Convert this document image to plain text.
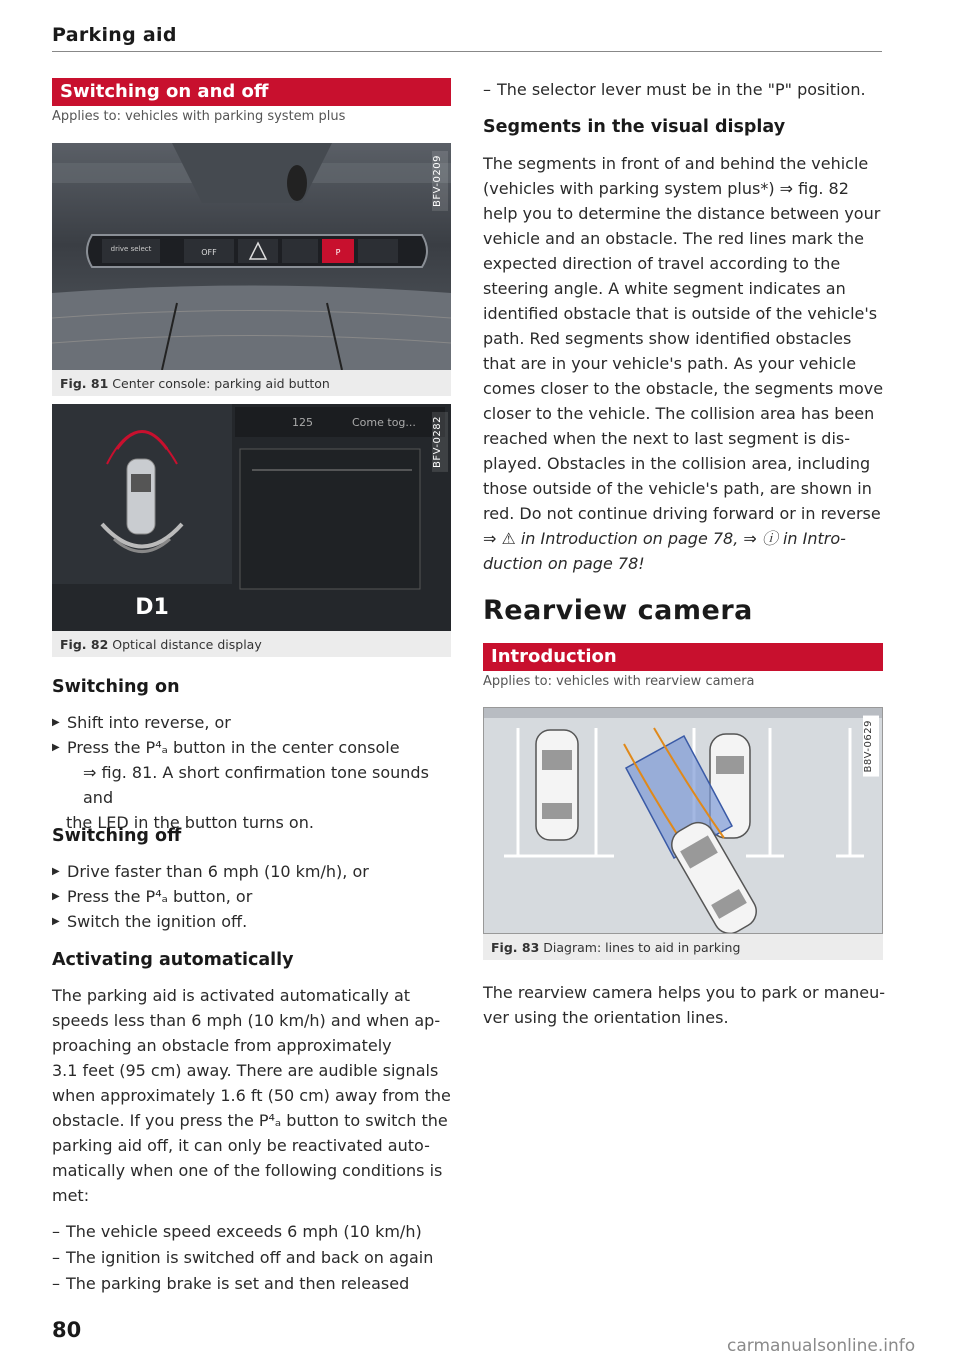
Parking aid
Switching on and off
Applies to: vehicles with parking system plus
drive select	OFF	P
BFV-0209
Fig. 81 Center console: parking aid button
D1
125	Come tog... BFV-0282
Fig. 82 Optical distance display
Switching on
▶ Shift into reverse, or
▶ Press the P⁴ₐ button in the center console
⇒ fig. 81. A short confirmation tone sounds and
the LED in the button turns on.
Switching off
▶ Drive faster than 6 mph (10 km/h), or
▶ Press the P⁴ₐ button, or
▶ Switch the ignition off.
Activating automatically
The parking aid is activated automatically at
speeds less than 6 mph (10 km/h) and when ap-
proaching an obstacle from approximately
3.1 feet (95 cm) away. There are audible signals
when approximately 1.6 ft (50 cm) away from the
obstacle. If you press the P⁴ₐ button to switch the
parking aid off, it can only be reactivated auto-
matically when one of the following conditions is
met:
– The vehicle speed exceeds 6 mph (10 km/h)
– The ignition is switched off and back on again
– The parking brake is set and then released
80
– The selector lever must be in the "P" position.
Segments in the visual display
The segments in front of and behind the vehicle
(vehicles with parking system plus*) ⇒ fig. 82
help you to determine the distance between your
vehicle and an obstacle. The red lines mark the
expected direction of travel according to the
steering angle. A white segment indicates an
identified obstacle that is outside of the vehicle's
path. Red segments show identified obstacles
that are in your vehicle's path. As your vehicle
comes closer to the obstacle, the segments move
closer to the vehicle. The collision area has been
reached when the next to last segment is dis-
played. Obstacles in the collision area, including
those outside of the vehicle's path, are shown in
red. Do not continue driving forward or in reverse
⇒ ⚠ in Introduction on page 78, ⇒ ⓘ in Intro-
duction on page 78!
Rearview camera
Introduction
Applies to: vehicles with rearview camera
B8V-0629
Fig. 83 Diagram: lines to aid in parking
The rearview camera helps you to park or maneu-
ver using the orientation lines.
carmanualsonline.info
